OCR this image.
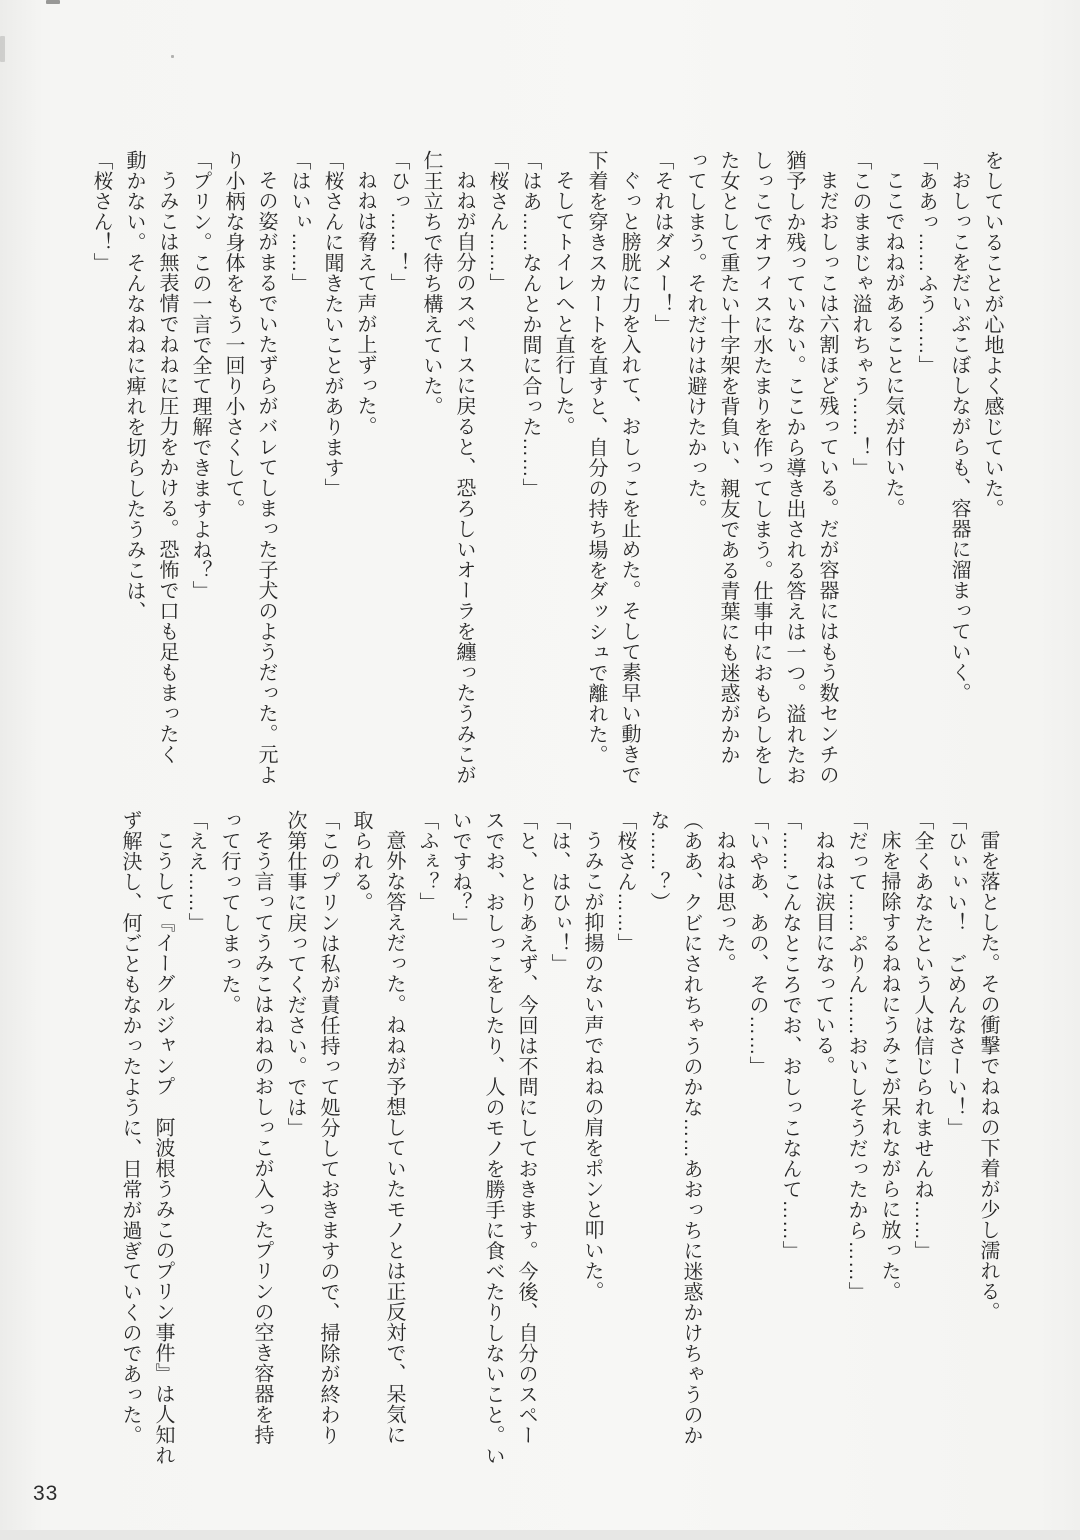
をしていることが心地よく感じていた。
おしっこをだいぶこぼしながらも、容器に溜まっていく。
「ああっ……ふう……」
ここでねねがあることに気が付いた。
「このままじゃ溢れちゃう……！」
まだおしっこは六割ほど残っている。だが容器にはもう数センチの
猶予しか残っていない。ここから導き出される答えは一つ。溢れたお
しっこでオフィスに水たまりを作ってしまう。仕事中におもらしをし
た女として重たい十字架を背負い、親友である青葉にも迷惑がかか
ってしまう。それだけは避けたかった。
「それはダメー！」
ぐっと膀胱に力を入れて、おしっこを止めた。そして素早い動きで
下着を穿きスカートを直すと、自分の持ち場をダッシュで離れた。
そしてトイレへと直行した。
「はあ……なんとか間に合った……」
「桜さん……」
ねねが自分のスペースに戻ると、恐ろしいオーラを纏ったうみこが
仁王立ちで待ち構えていた。
「ひっ……！」
ねねは脅えて声が上ずった。
「桜さんに聞きたいことがあります」
「はいぃ……」
その姿がまるでいたずらがバレてしまった子犬のようだった。元よ
り小柄な身体をもう一回り小さくして。
「プリン。この一言で全て理解できますよね？」
うみこは無表情でねねに圧力をかける。恐怖で口も足もまったく
動かない。そんなねねに痺れを切らしたうみこは、
「桜さん！」
雷を落とした。その衝撃でねねの下着が少し濡れる。
「ひぃぃい！　ごめんなさーい！」
「全くあなたという人は信じられませんね……」
床を掃除するねねにうみこが呆れながらに放った。
「だって……ぷりん……おいしそうだったから……」
ねねは涙目になっている。
「……こんなところでお、おしっこなんて……」
「いやあ、あの、その……」
ねねは思った。
（ああ、クビにされちゃうのかな……あおっちに迷惑かけちゃうのか
な……？）
「桜さん……」
うみこが抑揚のない声でねねの肩をポンと叩いた。
「は、はひぃ！」
「と、とりあえず、今回は不問にしておきます。今後、自分のスペー
スでお、おしっこをしたり、人のモノを勝手に食べたりしないこと。い
いですね？」
「ふぇ？」
意外な答えだった。ねねが予想していたモノとは正反対で、呆気に
取られる。
「このプリンは私が責任持って処分しておきますので、掃除が終わり
次第仕事に戻ってください。では」
そう言ってうみこはねねのおしっこが入ったプリンの空き容器を持
って行ってしまった。
「ええ……」
こうして『イーグルジャンプ　阿波根うみこのプリン事件』は人知れ
ず解決し、何ごともなかったように、日常が過ぎていくのであった。
33
